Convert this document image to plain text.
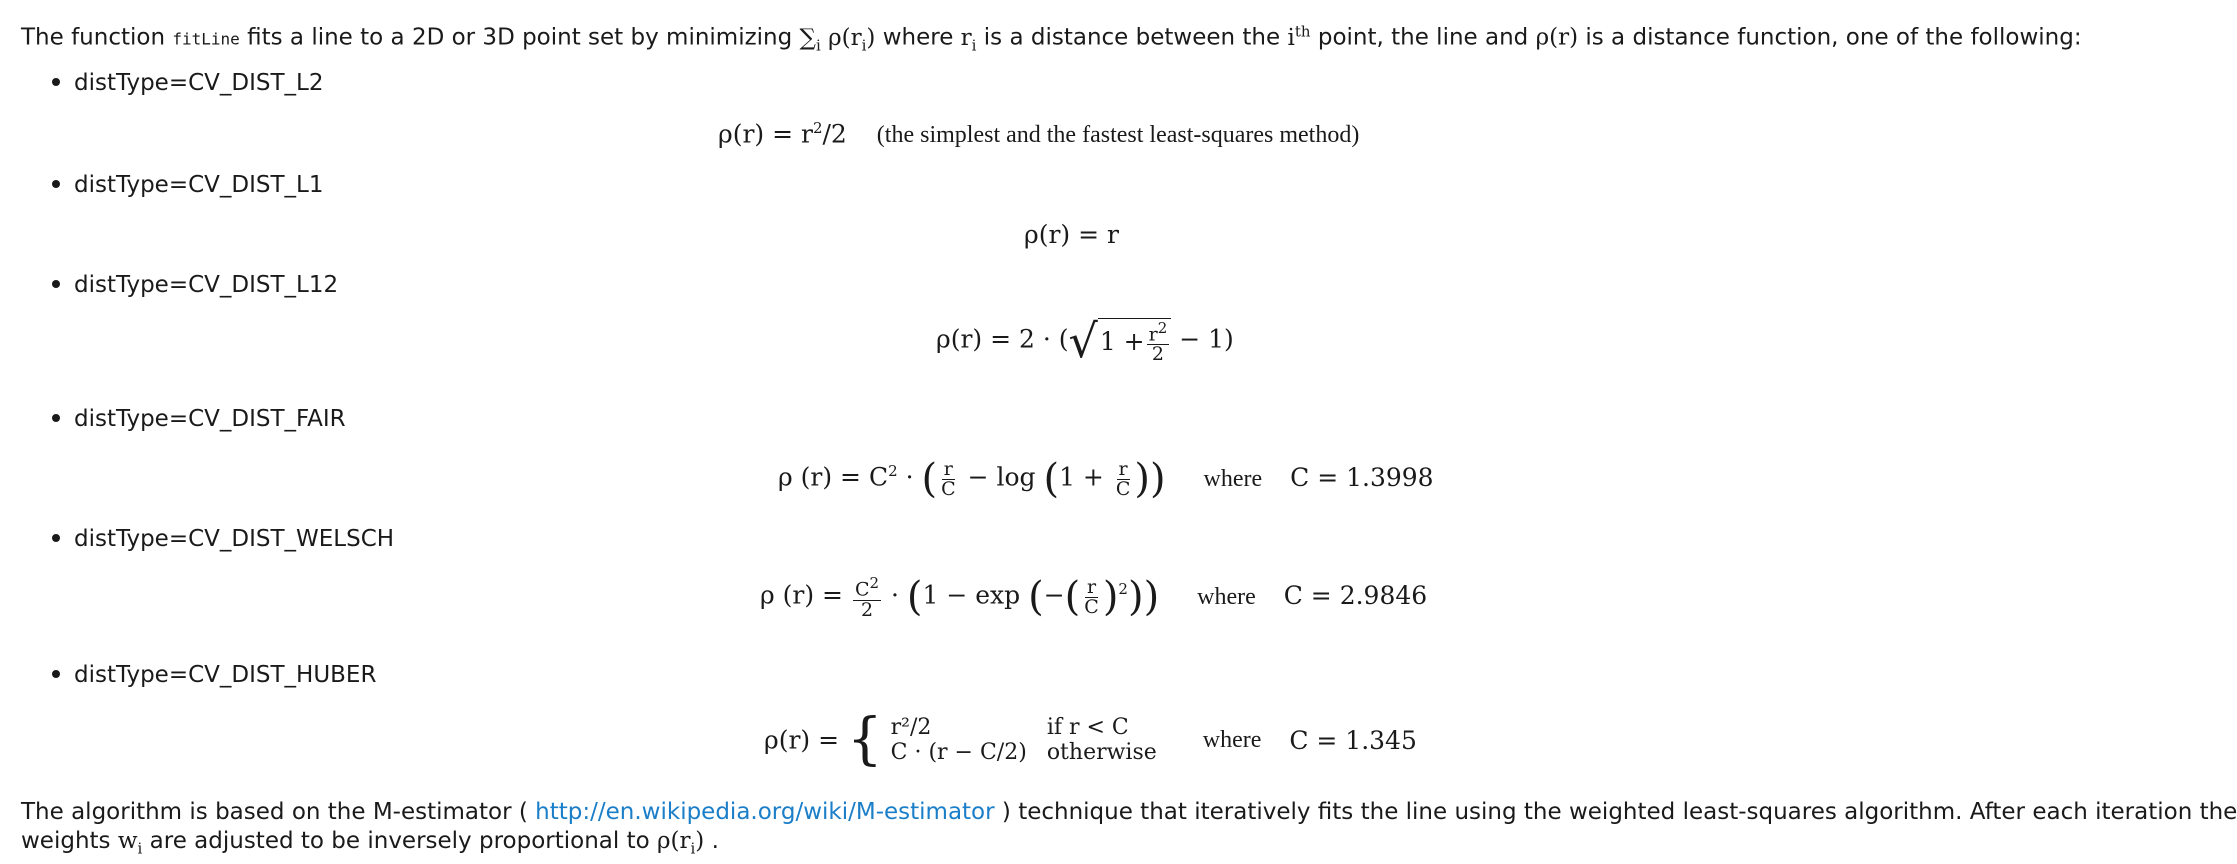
The function fitLine fits a line to a 2D or 3D point set by minimizing $\sum_i$ $\rho(r_i)$ where $r_i$ is a distance between the $i^{th}$ point, the line and ρ(r) is a distance function, one of the following:
distType=CV_DIST_L2
$\rho(r) = r^2/2$ (the simplest and the fastest least-squares method)
distType=CV_DIST_L1
ρ(r) = r
distType=CV_DIST_L12
ρ(r) = 2 · ( √ $1 + \frac{r^2}{2} - 1$)
distType=CV_DIST_FAIR
ρ $(r) = C^2$ · ( $\frac{r}{C} - \log (1 + \frac{r}{C}$ )) where C = 1.3998
distType=CV_DIST_WELSCH
ρ $(r) = \frac{C^2}{2} \cdot (1 - \exp$ (−( $\frac{r}{C} )^2$)) where C = 2.9846
distType=CV_DIST_HUBER
ρ(r) = { r²/2	if r < C
C · (r − C/2)	otherwise where C = 1.345
The algorithm is based on the M-estimator ( http://en.wikipedia.org/wiki/M-estimator ) technique that iteratively fits the line using the weighted least-squares algorithm. After each iteration the
weights $w_i$ are adjusted to be inversely proportional to $\rho(r_i)$ .
